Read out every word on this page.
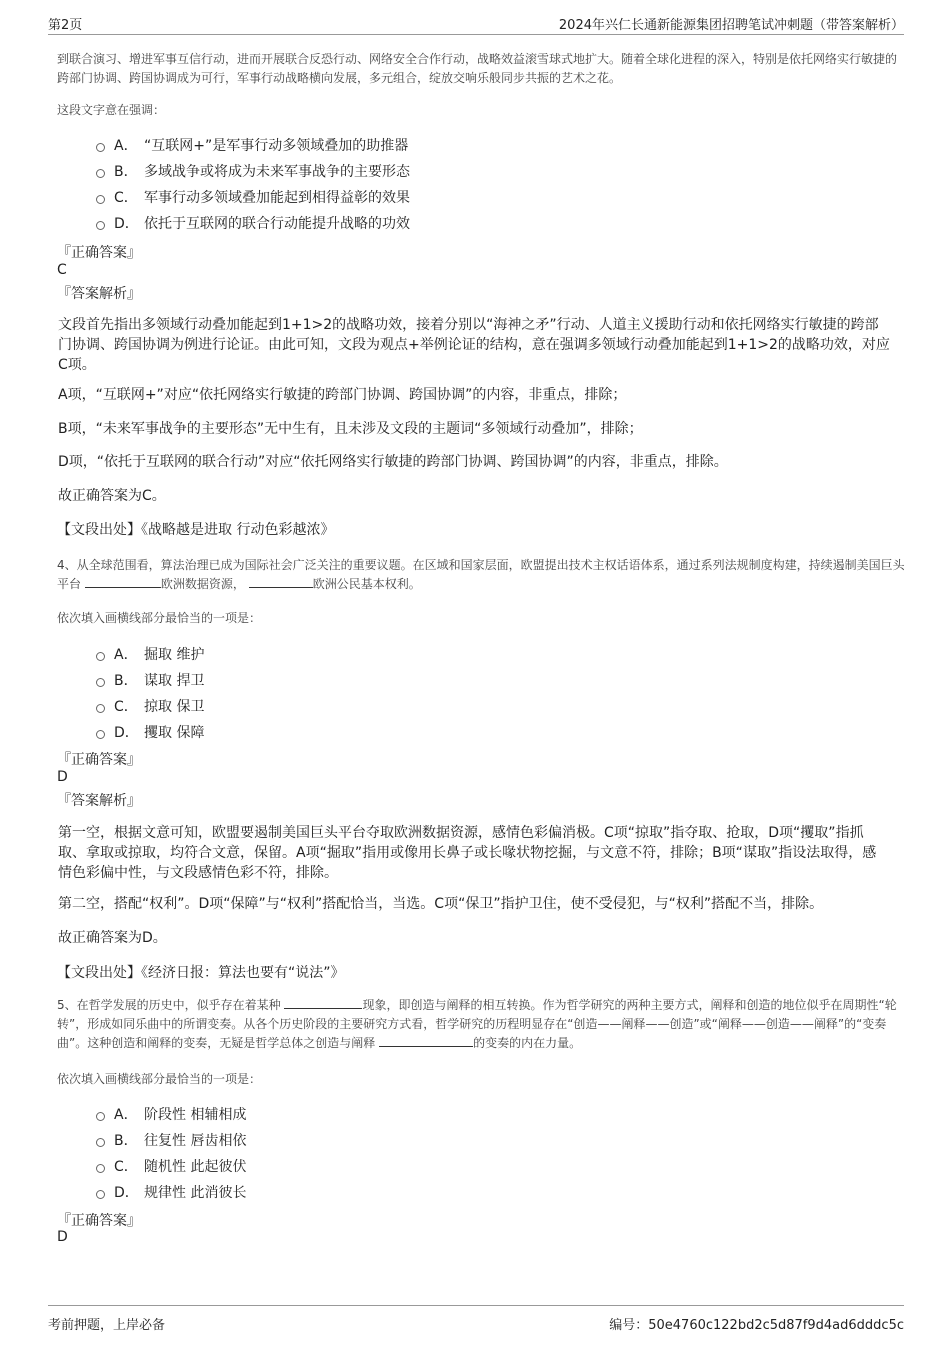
第2页	2024年兴仁长通新能源集团招聘笔试冲刺题（带答案解析）

到联合演习、增进军事互信行动，进而开展联合反恐行动、网络安全合作行动，战略效益滚雪球式地扩大。随着全球化进程的深入，特别是依托网络实行敏捷的跨部门协调、跨国协调成为可行，军事行动战略横向发展，多元组合，绽放交响乐般同步共振的艺术之花。

这段文字意在强调：
A． “互联网+”是军事行动多领域叠加的助推器
B． 多域战争或将成为未来军事战争的主要形态
C． 军事行动多领域叠加能起到相得益彰的效果
D． 依托于互联网的联合行动能提升战略的功效
『正确答案』
C
『答案解析』

文段首先指出多领域行动叠加能起到1+1>2的战略功效，接着分别以“海神之矛”行动、人道主义援助行动和依托网络实行敏捷的跨部门协调、跨国协调为例进行论证。由此可知，文段为观点+举例论证的结构，意在强调多领域行动叠加能起到1+1>2的战略功效，对应C项。

A项，“互联网+”对应“依托网络实行敏捷的跨部门协调、跨国协调”的内容，非重点，排除；

B项，“未来军事战争的主要形态”无中生有，且未涉及文段的主题词“多领域行动叠加”，排除；

D项，“依托于互联网的联合行动”对应“依托网络实行敏捷的跨部门协调、跨国协调”的内容，非重点，排除。

故正确答案为C。

【文段出处】《战略越是进取 行动色彩越浓》

4、从全球范围看，算法治理已成为国际社会广泛关注的重要议题。在区域和国家层面，欧盟提出技术主权话语体系，通过系列法规制度构建，持续遏制美国巨头平台	欧洲数据资源，	欧洲公民基本权利。

依次填入画横线部分最恰当的一项是：
A． 掘取 维护
B． 谋取 捍卫
C． 掠取 保卫
D． 攫取 保障
『正确答案』
D
『答案解析』

第一空，根据文意可知，欧盟要遏制美国巨头平台夺取欧洲数据资源，感情色彩偏消极。C项“掠取”指夺取、抢取，D项“攫取”指抓取、拿取或掠取，均符合文意，保留。A项“掘取”指用或像用长鼻子或长喙状物挖掘，与文意不符，排除；B项“谋取”指设法取得，感情色彩偏中性，与文段感情色彩不符，排除。

第二空，搭配“权利”。D项“保障”与“权利”搭配恰当，当选。C项“保卫”指护卫住，使不受侵犯，与“权利”搭配不当，排除。

故正确答案为D。

【文段出处】《经济日报：算法也要有“说法”》

5、在哲学发展的历史中，似乎存在着某种	现象，即创造与阐释的相互转换。作为哲学研究的两种主要方式，阐释和创造的地位似乎在周期性“轮转”，形成如同乐曲中的所谓变奏。从各个历史阶段的主要研究方式看，哲学研究的历程明显存在“创造——阐释——创造”或“阐释——创造——阐释”的“变奏曲”。这种创造和阐释的变奏，无疑是哲学总体之创造与阐释	的变奏的内在力量。

依次填入画横线部分最恰当的一项是：
A． 阶段性 相辅相成
B． 往复性 唇齿相依
C． 随机性 此起彼伏
D． 规律性 此消彼长
『正确答案』
D
考前押题，上岸必备	编号：50e4760c122bd2c5d87f9d4ad6dddc5c
